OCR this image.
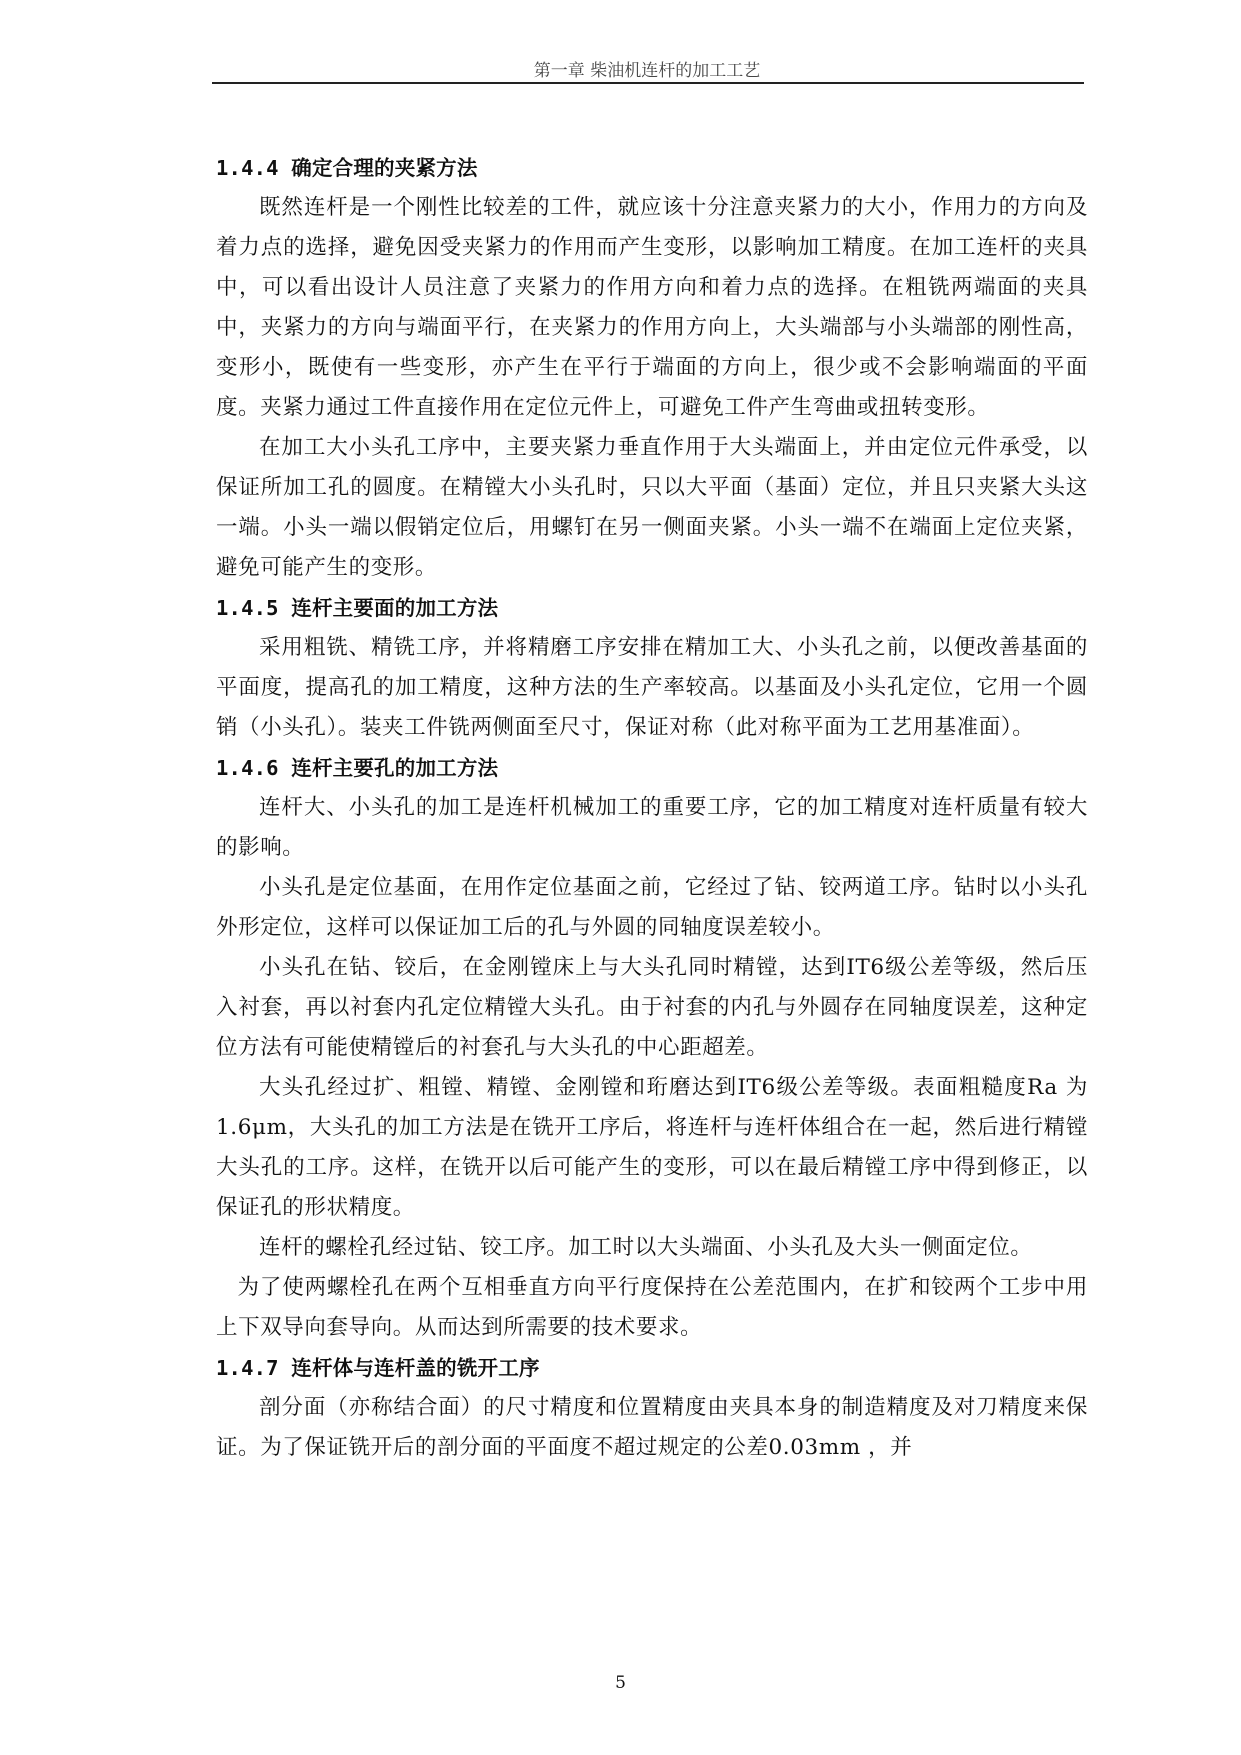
第一章 柴油机连杆的加工工艺

1.4.4 确定合理的夹紧方法

既然连杆是一个刚性比较差的工件，就应该十分注意夹紧力的大小，作用力的方向及着力点的选择，避免因受夹紧力的作用而产生变形，以影响加工精度。在加工连杆的夹具中，可以看出设计人员注意了夹紧力的作用方向和着力点的选择。在粗铣两端面的夹具中，夹紧力的方向与端面平行，在夹紧力的作用方向上，大头端部与小头端部的刚性高，变形小，既使有一些变形，亦产生在平行于端面的方向上，很少或不会影响端面的平面度。夹紧力通过工件直接作用在定位元件上，可避免工件产生弯曲或扭转变形。

在加工大小头孔工序中，主要夹紧力垂直作用于大头端面上，并由定位元件承受，以保证所加工孔的圆度。在精镗大小头孔时，只以大平面（基面）定位，并且只夹紧大头这一端。小头一端以假销定位后，用螺钉在另一侧面夹紧。小头一端不在端面上定位夹紧，避免可能产生的变形。

1.4.5 连杆主要面的加工方法

采用粗铣、精铣工序，并将精磨工序安排在精加工大、小头孔之前，以便改善基面的平面度，提高孔的加工精度，这种方法的生产率较高。以基面及小头孔定位，它用一个圆销（小头孔）。装夹工件铣两侧面至尺寸，保证对称（此对称平面为工艺用基准面）。

1.4.6 连杆主要孔的加工方法

连杆大、小头孔的加工是连杆机械加工的重要工序，它的加工精度对连杆质量有较大的影响。

小头孔是定位基面，在用作定位基面之前，它经过了钻、铰两道工序。钻时以小头孔外形定位，这样可以保证加工后的孔与外圆的同轴度误差较小。

小头孔在钻、铰后，在金刚镗床上与大头孔同时精镗，达到IT6级公差等级，然后压入衬套，再以衬套内孔定位精镗大头孔。由于衬套的内孔与外圆存在同轴度误差，这种定位方法有可能使精镗后的衬套孔与大头孔的中心距超差。

大头孔经过扩、粗镗、精镗、金刚镗和珩磨达到IT6级公差等级。表面粗糙度Ra 为1.6μm，大头孔的加工方法是在铣开工序后，将连杆与连杆体组合在一起，然后进行精镗大头孔的工序。这样，在铣开以后可能产生的变形，可以在最后精镗工序中得到修正，以保证孔的形状精度。

连杆的螺栓孔经过钻、铰工序。加工时以大头端面、小头孔及大头一侧面定位。

为了使两螺栓孔在两个互相垂直方向平行度保持在公差范围内，在扩和铰两个工步中用上下双导向套导向。从而达到所需要的技术要求。

1.4.7 连杆体与连杆盖的铣开工序

剖分面（亦称结合面）的尺寸精度和位置精度由夹具本身的制造精度及对刀精度来保证。为了保证铣开后的剖分面的平面度不超过规定的公差0.03mm ，并

5
